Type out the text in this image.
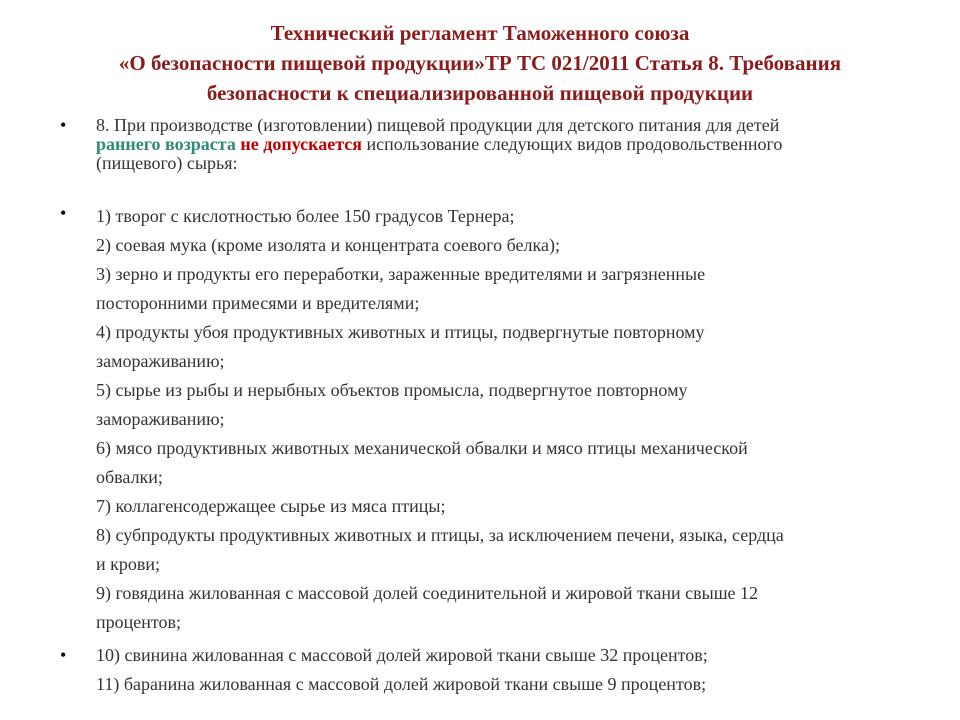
Технический регламент Таможенного союза
«О безопасности пищевой продукции»ТР ТС 021/2011 Статья 8. Требования
безопасности к специализированной пищевой продукции
• 8. При производстве (изготовлении) пищевой продукции для детского питания для детей
раннего возраста не допускается использование следующих видов продовольственного
(пищевого) сырья:
• 1) творог с кислотностью более 150 градусов Тернера;
2) соевая мука (кроме изолята и концентрата соевого белка);
3) зерно и продукты его переработки, зараженные вредителями и загрязненные
посторонними примесями и вредителями;
4) продукты убоя продуктивных животных и птицы, подвергнутые повторному
замораживанию;
5) сырье из рыбы и нерыбных объектов промысла, подвергнутое повторному
замораживанию;
6) мясо продуктивных животных механической обвалки и мясо птицы механической
обвалки;
7) коллагенсодержащее сырье из мяса птицы;
8) субпродукты продуктивных животных и птицы, за исключением печени, языка, сердца
и крови;
9) говядина жилованная с массовой долей соединительной и жировой ткани свыше 12
процентов;
• 10) свинина жилованная с массовой долей жировой ткани свыше 32 процентов;
11) баранина жилованная с массовой долей жировой ткани свыше 9 процентов;
